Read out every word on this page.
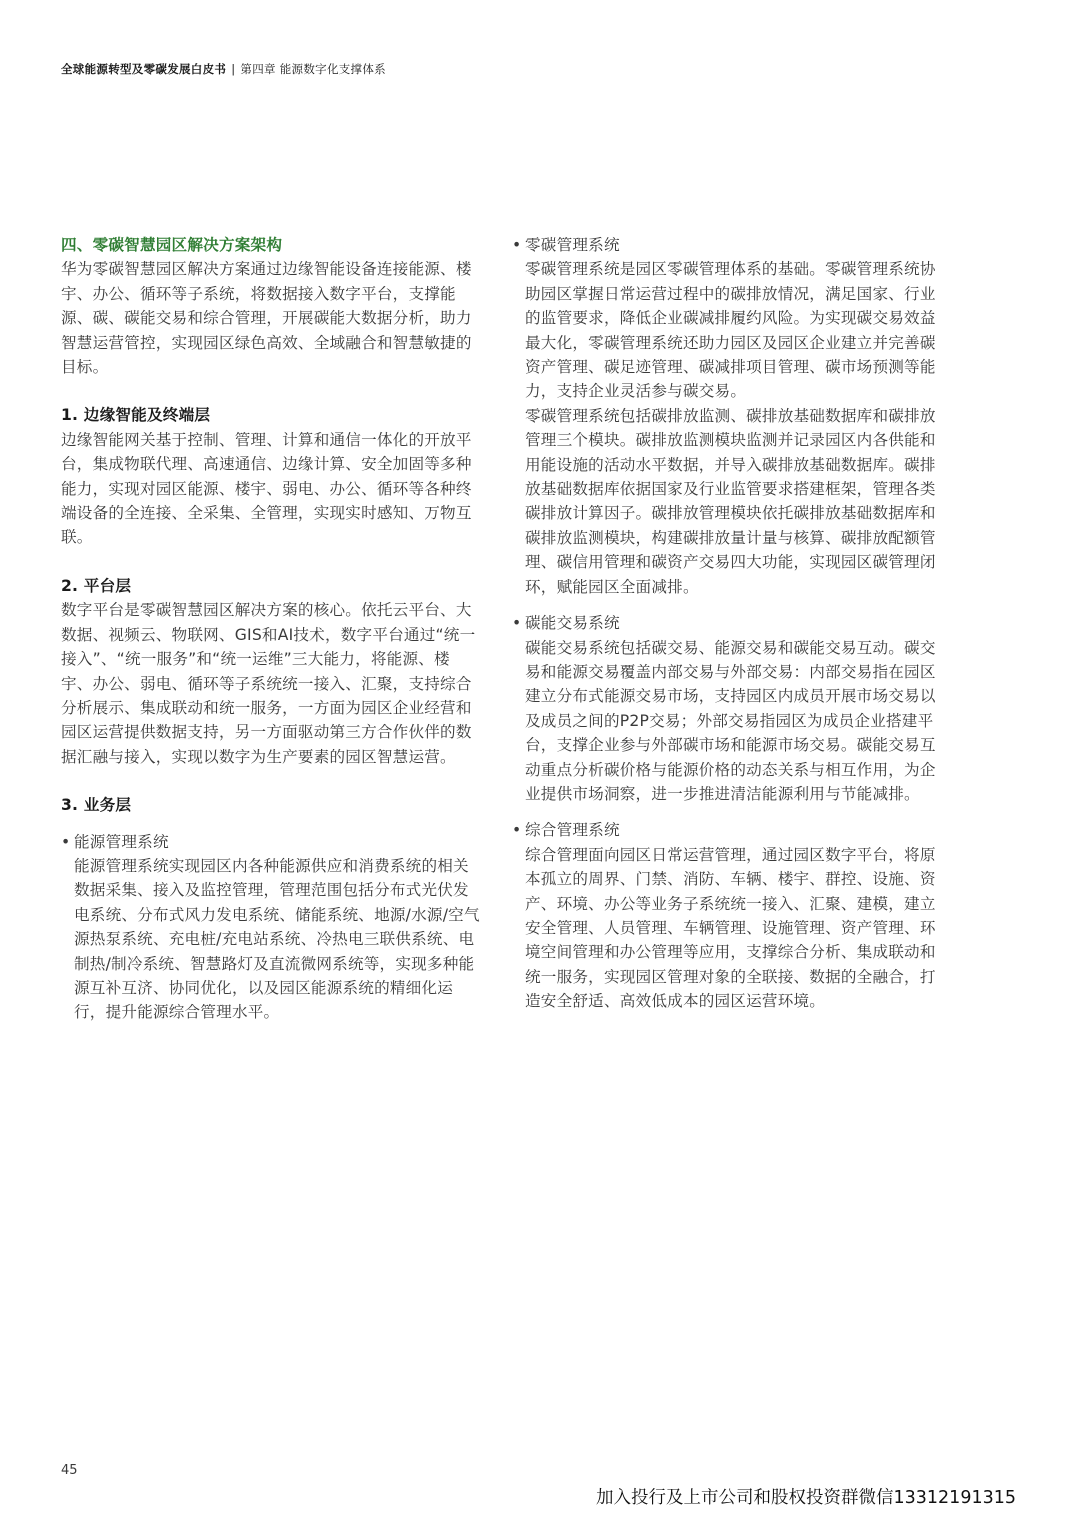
全球能源转型及零碳发展白皮书 | 第四章 能源数字化支撑体系
四、零碳智慧园区解决方案架构

华为零碳智慧园区解决方案通过边缘智能设备连接能源、楼宇、办公、循环等子系统，将数据接入数字平台，支撑能源、碳、碳能交易和综合管理，开展碳能大数据分析，助力智慧运营管控，实现园区绿色高效、全域融合和智慧敏捷的目标。

1. 边缘智能及终端层

边缘智能网关基于控制、管理、计算和通信一体化的开放平台，集成物联代理、高速通信、边缘计算、安全加固等多种能力，实现对园区能源、楼宇、弱电、办公、循环等各种终端设备的全连接、全采集、全管理，实现实时感知、万物互联。

2. 平台层

数字平台是零碳智慧园区解决方案的核心。依托云平台、大数据、视频云、物联网、GIS和AI技术，数字平台通过“统一接入”、“统一服务”和“统一运维”三大能力，将能源、楼宇、办公、弱电、循环等子系统统一接入、汇聚，支持综合分析展示、集成联动和统一服务，一方面为园区企业经营和园区运营提供数据支持，另一方面驱动第三方合作伙伴的数据汇融与接入，实现以数字为生产要素的园区智慧运营。

3. 业务层
• 能源管理系统

能源管理系统实现园区内各种能源供应和消费系统的相关数据采集、接入及监控管理，管理范围包括分布式光伏发电系统、分布式风力发电系统、储能系统、地源/水源/空气源热泵系统、充电桩/充电站系统、冷热电三联供系统、电制热/制冷系统、智慧路灯及直流微网系统等，实现多种能源互补互济、协同优化，以及园区能源系统的精细化运行，提升能源综合管理水平。

• 零碳管理系统

零碳管理系统是园区零碳管理体系的基础。零碳管理系统协助园区掌握日常运营过程中的碳排放情况，满足国家、行业的监管要求，降低企业碳减排履约风险。为实现碳交易效益最大化，零碳管理系统还助力园区及园区企业建立并完善碳资产管理、碳足迹管理、碳减排项目管理、碳市场预测等能力，支持企业灵活参与碳交易。

零碳管理系统包括碳排放监测、碳排放基础数据库和碳排放管理三个模块。碳排放监测模块监测并记录园区内各供能和用能设施的活动水平数据，并导入碳排放基础数据库。碳排放基础数据库依据国家及行业监管要求搭建框架，管理各类碳排放计算因子。碳排放管理模块依托碳排放基础数据库和碳排放监测模块，构建碳排放量计量与核算、碳排放配额管理、碳信用管理和碳资产交易四大功能，实现园区碳管理闭环，赋能园区全面减排。

• 碳能交易系统

碳能交易系统包括碳交易、能源交易和碳能交易互动。碳交易和能源交易覆盖内部交易与外部交易：内部交易指在园区建立分布式能源交易市场，支持园区内成员开展市场交易以及成员之间的P2P交易；外部交易指园区为成员企业搭建平台，支撑企业参与外部碳市场和能源市场交易。碳能交易互动重点分析碳价格与能源价格的动态关系与相互作用，为企业提供市场洞察，进一步推进清洁能源利用与节能减排。

• 综合管理系统

综合管理面向园区日常运营管理，通过园区数字平台，将原本孤立的周界、门禁、消防、车辆、楼宇、群控、设施、资产、环境、办公等业务子系统统一接入、汇聚、建模，建立安全管理、人员管理、车辆管理、设施管理、资产管理、环境空间管理和办公管理等应用，支撑综合分析、集成联动和统一服务，实现园区管理对象的全联接、数据的全融合，打造安全舒适、高效低成本的园区运营环境。

45
加入投行及上市公司和股权投资群微信13312191315
